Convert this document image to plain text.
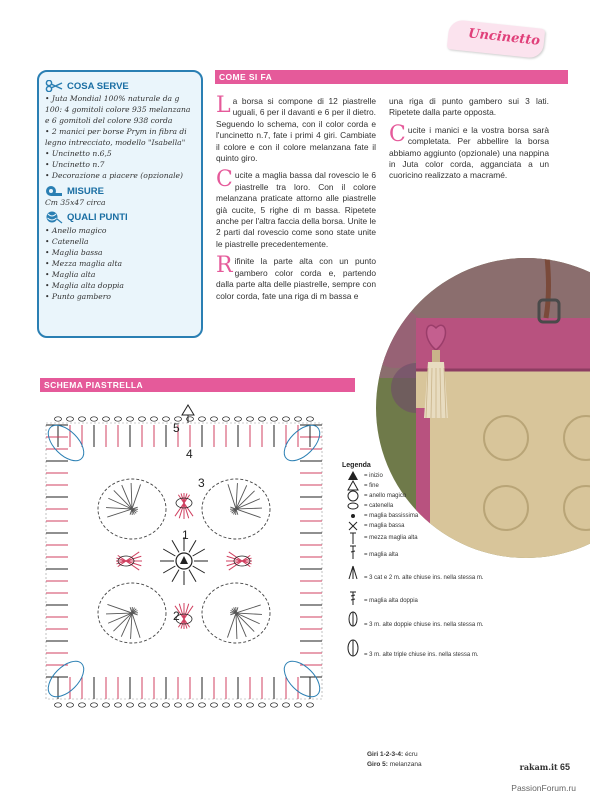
Uncinetto
COSA SERVE
• Juta Mondial 100% naturale da g 100: 4 gomitoli colore 935 melanzana e 6 gomitoli del colore 938 corda
• 2 manici per borse Prym in fibra di legno intrecciato, modello "Isabella"
• Uncinetto n.6,5
• Uncinetto n.7
• Decorazione a piacere (opzionale)
MISURE
Cm 35x47 circa
QUALI PUNTI
• Anello magico
• Catenella
• Maglia bassa
• Mezza maglia alta
• Maglia alta
• Maglia alta doppia
• Punto gambero
COME SI FA

La borsa si compone di 12 piastrelle uguali, 6 per il davanti e 6 per il dietro. Seguendo lo schema, con il color corda e l'uncinetto n.7, fate i primi 4 giri. Cambiate il colore e con il colore melanzana fate il quinto giro.

Cucite a maglia bassa dal rovescio le 6 piastrelle tra loro. Con il colore melanzana praticate attorno alle piastrelle già cucite, 5 righe di m bassa. Ripetete anche per l'altra faccia della borsa. Unite le 2 parti dal rovescio come sono state unite le piastrelle precedentemente.

Rifinite la parte alta con un punto gambero color corda e, partendo dalla parte alta delle piastrelle, sempre con color corda, fate una riga di m bassa e

una riga di punto gambero sui 3 lati. Ripetete dalla parte opposta.

Cucite i manici e la vostra borsa sarà completata. Per abbellire la borsa abbiamo aggiunto (opzionale) una nappina in Juta color corda, agganciata a un cuoricino realizzato a macramé.

SCHEMA PIASTRELLA
5
4
3
2
1
Legenda
= inizio
= fine
= anello magico
= catenella
= maglia bassissima
= maglia bassa
= mezza maglia alta
= maglia alta
= 3 cat e 2 m. alte chiuse ins. nella stessa m.
= maglia alta doppia
= 3 m. alte doppie chiuse ins. nella stessa m.
= 3 m. alte triple chiuse ins. nella stessa m.
Giri 1-2-3-4: écru
Giro 5: melanzana	rakam.it 65
PassionForum.ru
